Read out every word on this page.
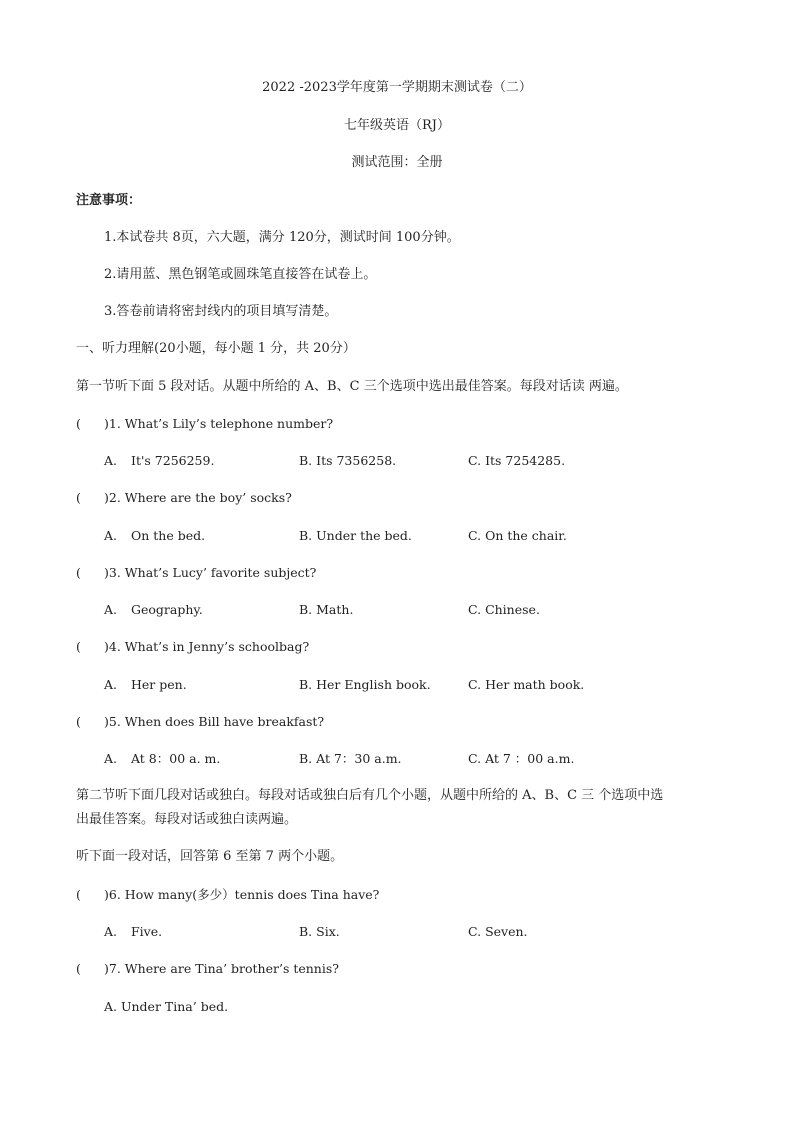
2022 -2023学年度第一学期期末测试卷（二）
七年级英语（RJ）
测试范围：全册
注意事项：
1.本试卷共 8页，六大题，满分 120分，测试时间 100分钟。
2.请用蓝、黑色钢笔或圆珠笔直接答在试卷上。
3.答卷前请将密封线内的项目填写清楚。
一、听力理解(20小题，每小题 1 分，共 20分）
第一节听下面 5 段对话。从题中所给的 A、B、C 三个选项中选出最佳答案。每段对话读 两遍。
( )1. What’s Lily’s telephone number?
A. It's 7256259.	B. Its 7356258.	C. Its 7254285.
( )2. Where are the boy’ socks?
A. On the bed.	B. Under the bed.	C. On the chair.
( )3. What’s Lucy’ favorite subject?
A. Geography.	B. Math.	C. Chinese.
( )4. What’s in Jenny’s schoolbag?
A. Her pen.	B. Her English book.	C. Her math book.
( )5. When does Bill have breakfast?
A. At 8：00 a. m.	B. At 7：30 a.m.	C. At 7 ：00 a.m.
第二节听下面几段对话或独白。每段对话或独白后有几个小题，从题中所给的 A、B、C 三 个选项中选
出最佳答案。每段对话或独白读两遍。
听下面一段对话，回答第 6 至第 7 两个小题。
( )6. How many(多少）tennis does Tina have?
A. Five.	B. Six.	C. Seven.
( )7. Where are Tina’ brother’s tennis?
A. Under Tina’ bed.
